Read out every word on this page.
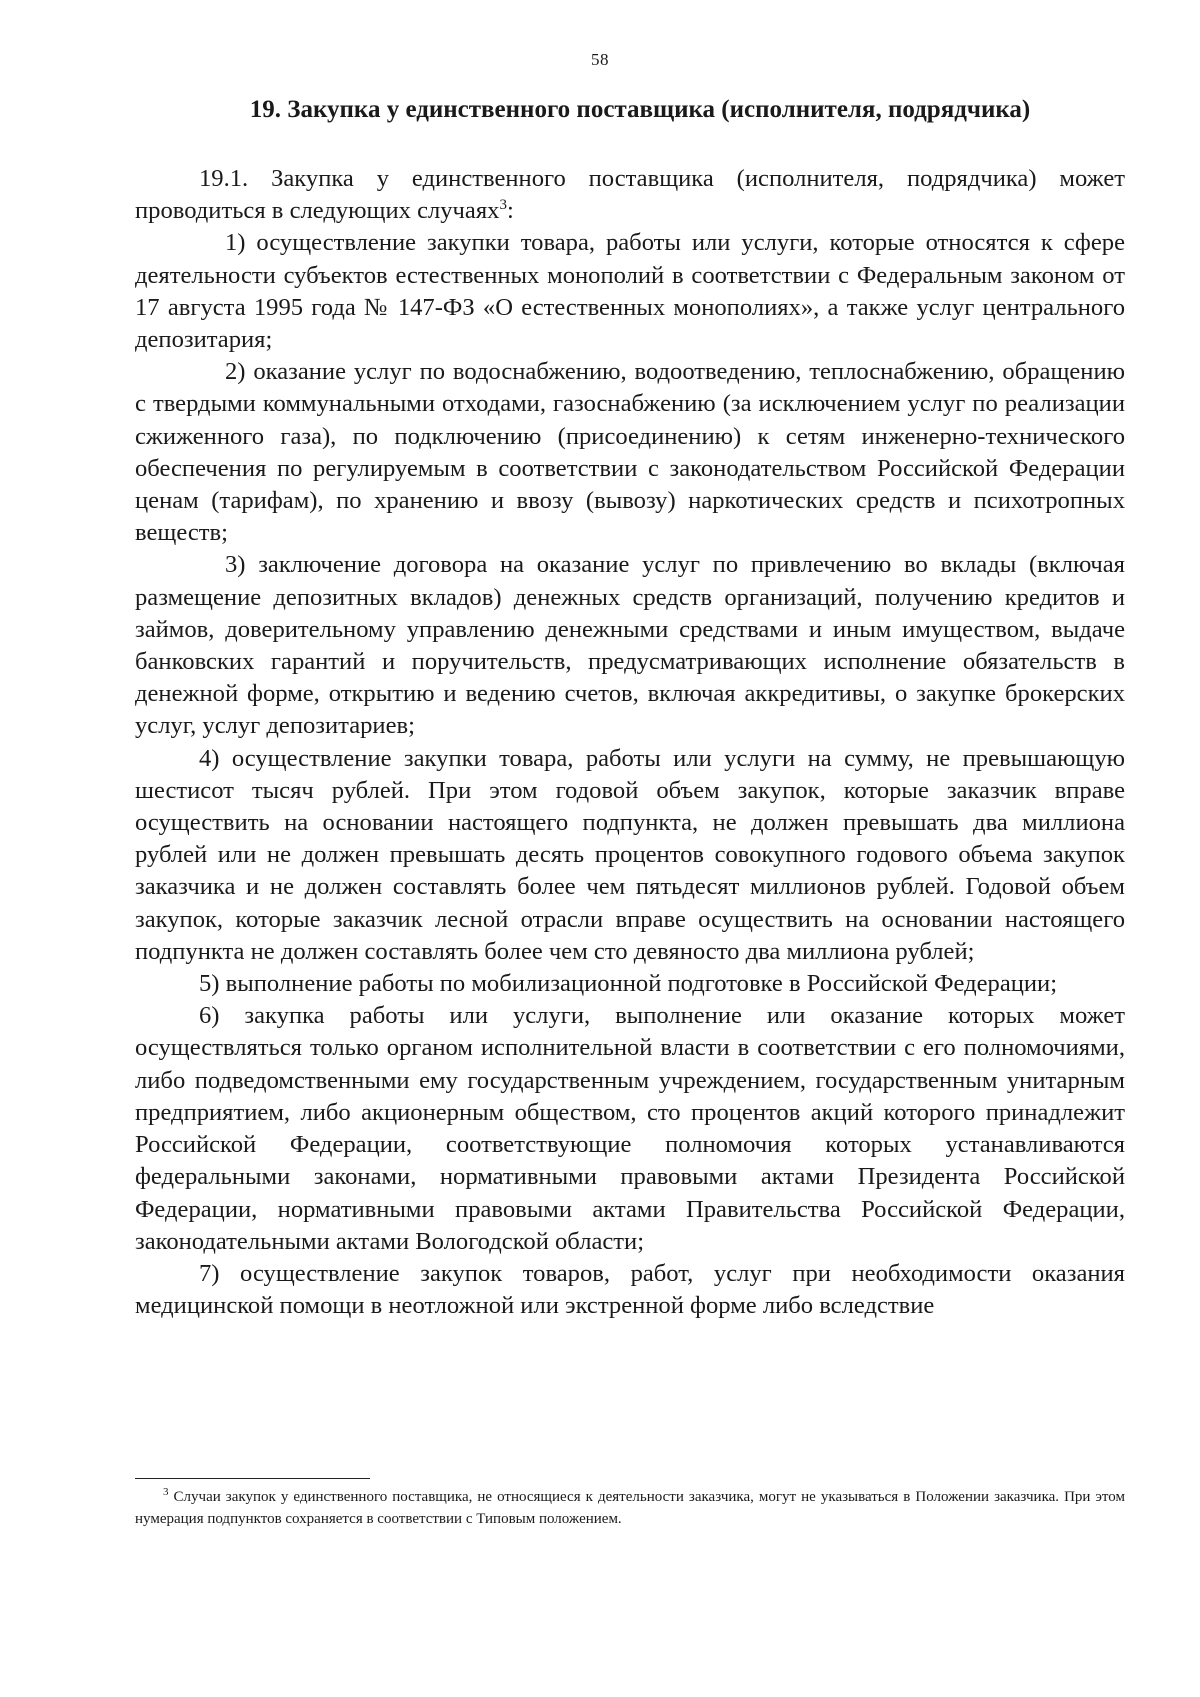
58
19. Закупка у единственного поставщика (исполнителя, подрядчика)

19.1. Закупка у единственного поставщика (исполнителя, подрядчика) может проводиться в следующих случаях$^3$:

1) осуществление закупки товара, работы или услуги, которые относятся к сфере деятельности субъектов естественных монополий в соответствии с Федеральным законом от 17 августа 1995 года № 147-ФЗ «О естественных монополиях», а также услуг центрального депозитария;

2) оказание услуг по водоснабжению, водоотведению, теплоснабжению, обращению с твердыми коммунальными отходами, газоснабжению (за исключением услуг по реализации сжиженного газа), по подключению (присоединению) к сетям инженерно-технического обеспечения по регулируемым в соответствии с законодательством Российской Федерации ценам (тарифам), по хранению и ввозу (вывозу) наркотических средств и психотропных веществ;

3) заключение договора на оказание услуг по привлечению во вклады (включая размещение депозитных вкладов) денежных средств организаций, получению кредитов и займов, доверительному управлению денежными средствами и иным имуществом, выдаче банковских гарантий и поручительств, предусматривающих исполнение обязательств в денежной форме, открытию и ведению счетов, включая аккредитивы, о закупке брокерских услуг, услуг депозитариев;

4) осуществление закупки товара, работы или услуги на сумму, не превышающую шестисот тысяч рублей. При этом годовой объем закупок, которые заказчик вправе осуществить на основании настоящего подпункта, не должен превышать два миллиона рублей или не должен превышать десять процентов совокупного годового объема закупок заказчика и не должен составлять более чем пятьдесят миллионов рублей. Годовой объем закупок, которые заказчик лесной отрасли вправе осуществить на основании настоящего подпункта не должен составлять более чем сто девяносто два миллиона рублей;

5) выполнение работы по мобилизационной подготовке в Российской Федерации;

6) закупка работы или услуги, выполнение или оказание которых может осуществляться только органом исполнительной власти в соответствии с его полномочиями, либо подведомственными ему государственным учреждением, государственным унитарным предприятием, либо акционерным обществом, сто процентов акций которого принадлежит Российской Федерации, соответствующие полномочия которых устанавливаются федеральными законами, нормативными правовыми актами Президента Российской Федерации, нормативными правовыми актами Правительства Российской Федерации, законодательными актами Вологодской области;

7) осуществление закупок товаров, работ, услуг при необходимости оказания медицинской помощи в неотложной или экстренной форме либо вследствие

$^3$ Случаи закупок у единственного поставщика, не относящиеся к деятельности заказчика, могут не указываться в Положении заказчика. При этом нумерация подпунктов сохраняется в соответствии с Типовым положением.
